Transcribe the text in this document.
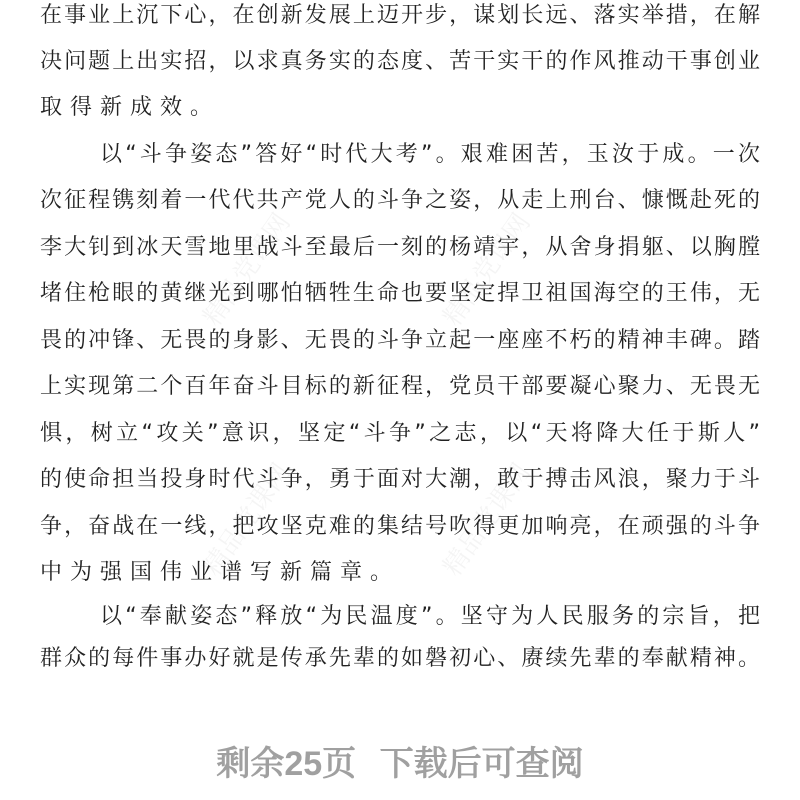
在事业上沉下心，在创新发展上迈开步，谋划长远、落实举措，在解
决问题上出实招，以求真务实的态度、苦干实干的作风推动干事创业
取得新成效。
以“斗争姿态”答好“时代大考”。艰难困苦，玉汝于成。一次
次征程镌刻着一代代共产党人的斗争之姿，从走上刑台、慷慨赴死的
李大钊到冰天雪地里战斗至最后一刻的杨靖宇，从舍身捐躯、以胸膛
堵住枪眼的黄继光到哪怕牺牲生命也要坚定捍卫祖国海空的王伟，无
畏的冲锋、无畏的身影、无畏的斗争立起一座座不朽的精神丰碑。踏
上实现第二个百年奋斗目标的新征程，党员干部要凝心聚力、无畏无
惧，树立“攻关”意识，坚定“斗争”之志，以“天将降大任于斯人”
的使命担当投身时代斗争，勇于面对大潮，敢于搏击风浪，聚力于斗
争，奋战在一线，把攻坚克难的集结号吹得更加响亮，在顽强的斗争
中为强国伟业谱写新篇章。
以“奉献姿态”释放“为民温度”。坚守为人民服务的宗旨，把
群众的每件事办好就是传承先辈的如磐初心、赓续先辈的奉献精神。
剩余25页 下载后可查阅
